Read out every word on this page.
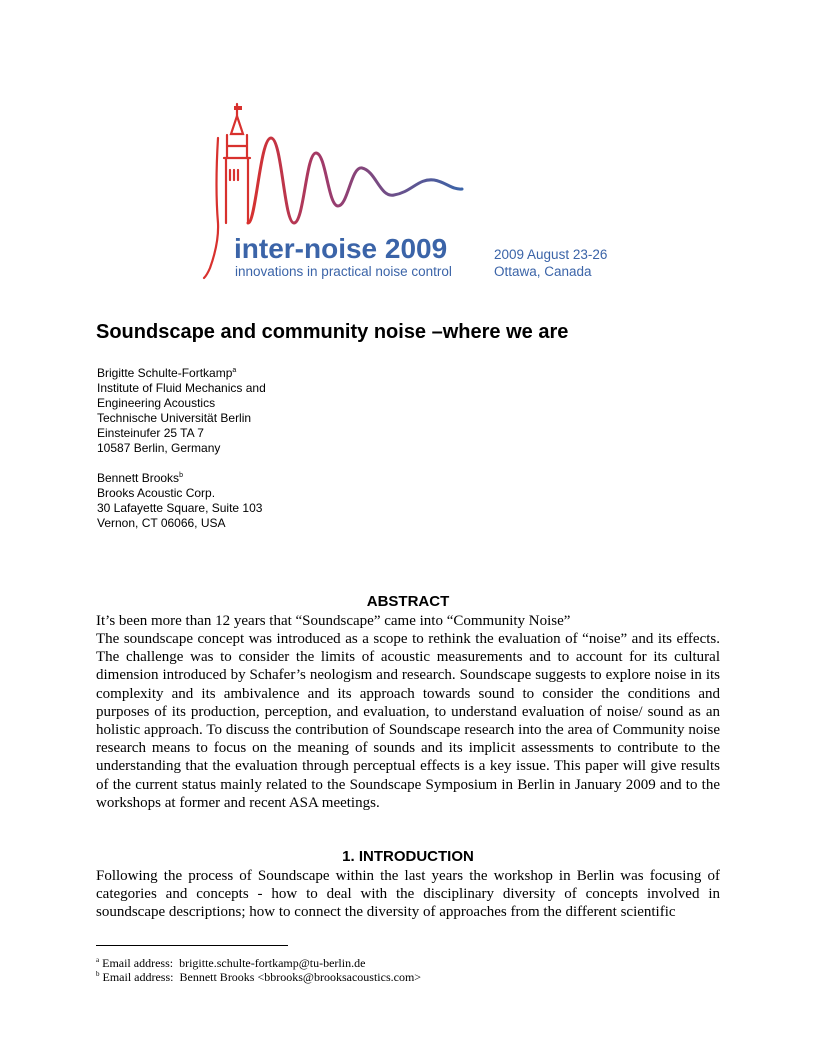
inter-noise 2009
innovations in practical noise control
2009 August 23-26
Ottawa, Canada
Soundscape and community noise –where we are
Brigitte Schulte-Fortkamp$^a$
Institute of Fluid Mechanics and
Engineering Acoustics
Technische Universität Berlin
Einsteinufer 25 TA 7
10587 Berlin, Germany
Bennett Brooks$^b$
Brooks Acoustic Corp.
30 Lafayette Square, Suite 103
Vernon, CT 06066, USA
ABSTRACT

It’s been more than 12 years that “Soundscape” came into “Community Noise”

The soundscape concept was introduced as a scope to rethink the evaluation of “noise” and its effects. The challenge was to consider the limits of acoustic measurements and to account for its cultural dimension introduced by Schafer’s neologism and research. Soundscape suggests to explore noise in its complexity and its ambivalence and its approach towards sound to consider the conditions and purposes of its production, perception, and evaluation, to understand evaluation of noise/ sound as an holistic approach. To discuss the contribution of Soundscape research into the area of Community noise research means to focus on the meaning of sounds and its implicit assessments to contribute to the understanding that the evaluation through perceptual effects is a key issue. This paper will give results of the current status mainly related to the Soundscape Symposium in Berlin in January 2009 and to the workshops at former and recent ASA meetings.

1. INTRODUCTION

Following the process of Soundscape within the last years the workshop in Berlin was focusing of categories and concepts - how to deal with the disciplinary diversity of concepts involved in soundscape descriptions; how to connect the diversity of approaches from the different scientific

$^a$ Email address: brigitte.schulte-fortkamp@tu-berlin.de
$^b$ Email address: Bennett Brooks <bbrooks@brooksacoustics.com>
